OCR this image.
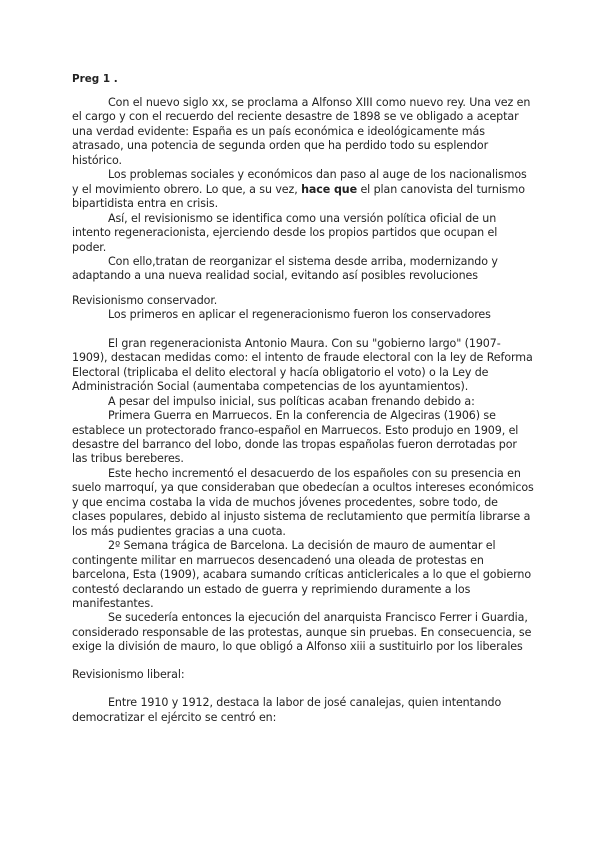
Preg 1 .

Con el nuevo siglo xx, se proclama a Alfonso XIII como nuevo rey. Una vez en el cargo y con el recuerdo del reciente desastre de 1898 se ve obligado a aceptar una verdad evidente: España es un país económica e ideológicamente más atrasado, una potencia de segunda orden que ha perdido todo su esplendor histórico.

Los problemas sociales y económicos dan paso al auge de los nacionalismos y el movimiento obrero. Lo que, a su vez, hace que el plan canovista del turnismo bipartidista entra en crisis.

Así, el revisionismo se identifica como una versión política oficial de un intento regeneracionista, ejerciendo desde los propios partidos que ocupan el poder.

Con ello,tratan de reorganizar el sistema desde arriba, modernizando y adaptando a una nueva realidad social, evitando así posibles revoluciones

Revisionismo conservador.

Los primeros en aplicar el regeneracionismo fueron los conservadores

El gran regeneracionista Antonio Maura. Con su "gobierno largo" (1907-1909), destacan medidas como: el intento de fraude electoral con la ley de Reforma Electoral (triplicaba el delito electoral y hacía obligatorio el voto) o la Ley de Administración Social (aumentaba competencias de los ayuntamientos).

A pesar del impulso inicial, sus políticas acaban frenando debido a:

Primera Guerra en Marruecos. En la conferencia de Algeciras (1906) se establece un protectorado franco-español en Marruecos. Esto produjo en 1909, el desastre del barranco del lobo, donde las tropas españolas fueron derrotadas por las tribus bereberes.

Este hecho incrementó el desacuerdo de los españoles con su presencia en suelo marroquí, ya que consideraban que obedecían a ocultos intereses económicos y que encima costaba la vida de muchos jóvenes procedentes, sobre todo, de clases populares, debido al injusto sistema de reclutamiento que permitía librarse a los más pudientes gracias a una cuota.

2º Semana trágica de Barcelona. La decisión de mauro de aumentar el contingente militar en marruecos desencadenó una oleada de protestas en barcelona, Esta (1909), acabara sumando críticas anticlericales a lo que el gobierno contestó declarando un estado de guerra y reprimiendo duramente a los manifestantes.

Se sucedería entonces la ejecución del anarquista Francisco Ferrer i Guardia, considerado responsable de las protestas, aunque sin pruebas. En consecuencia, se exige la división de mauro, lo que obligó a Alfonso xiii a sustituirlo por los liberales

Revisionismo liberal:

Entre 1910 y 1912, destaca la labor de josé canalejas, quien intentando democratizar el ejército se centró en:
